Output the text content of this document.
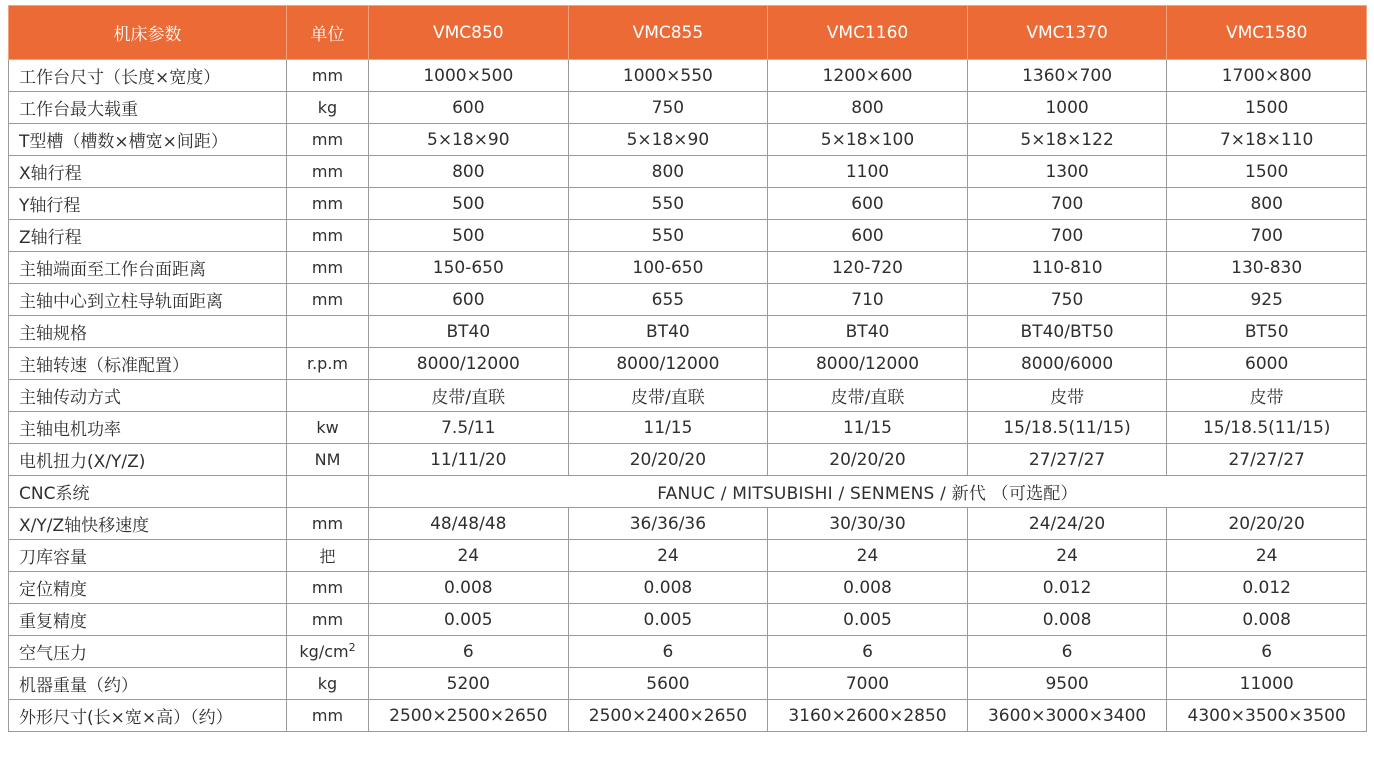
机床参数	单位	VMC850	VMC855	VMC1160	VMC1370	VMC1580
工作台尺寸（长度×宽度）	mm	1000×500	1000×550	1200×600	1360×700	1700×800
工作台最大载重	kg	600	750	800	1000	1500
T型槽（槽数×槽宽×间距）	mm	5×18×90	5×18×90	5×18×100	5×18×122	7×18×110
X轴行程	mm	800	800	1100	1300	1500
Y轴行程	mm	500	550	600	700	800
Z轴行程	mm	500	550	600	700	700
主轴端面至工作台面距离	mm	150-650	100-650	120-720	110-810	130-830
主轴中心到立柱导轨面距离	mm	600	655	710	750	925
主轴规格		BT40	BT40	BT40	BT40/BT50	BT50
主轴转速（标准配置）	r.p.m	8000/12000	8000/12000	8000/12000	8000/6000	6000
主轴传动方式		皮带/直联	皮带/直联	皮带/直联	皮带	皮带
主轴电机功率	kw	7.5/11	11/15	11/15	15/18.5(11/15)	15/18.5(11/15)
电机扭力(X/Y/Z)	NM	11/11/20	20/20/20	20/20/20	27/27/27	27/27/27
CNC系统		FANUC / MITSUBISHI / SENMENS / 新代 （可选配）				
X/Y/Z轴快移速度	mm	48/48/48	36/36/36	30/30/30	24/24/20	20/20/20
刀库容量	把	24	24	24	24	24
定位精度	mm	0.008	0.008	0.008	0.012	0.012
重复精度	mm	0.005	0.005	0.005	0.008	0.008
空气压力	$kg/cm^2$	6	6	6	6	6
机器重量（约）	kg	5200	5600	7000	9500	11000
外形尺寸(长×宽×高）（约）	mm	2500×2500×2650	2500×2400×2650	3160×2600×2850	3600×3000×3400	4300×3500×3500
